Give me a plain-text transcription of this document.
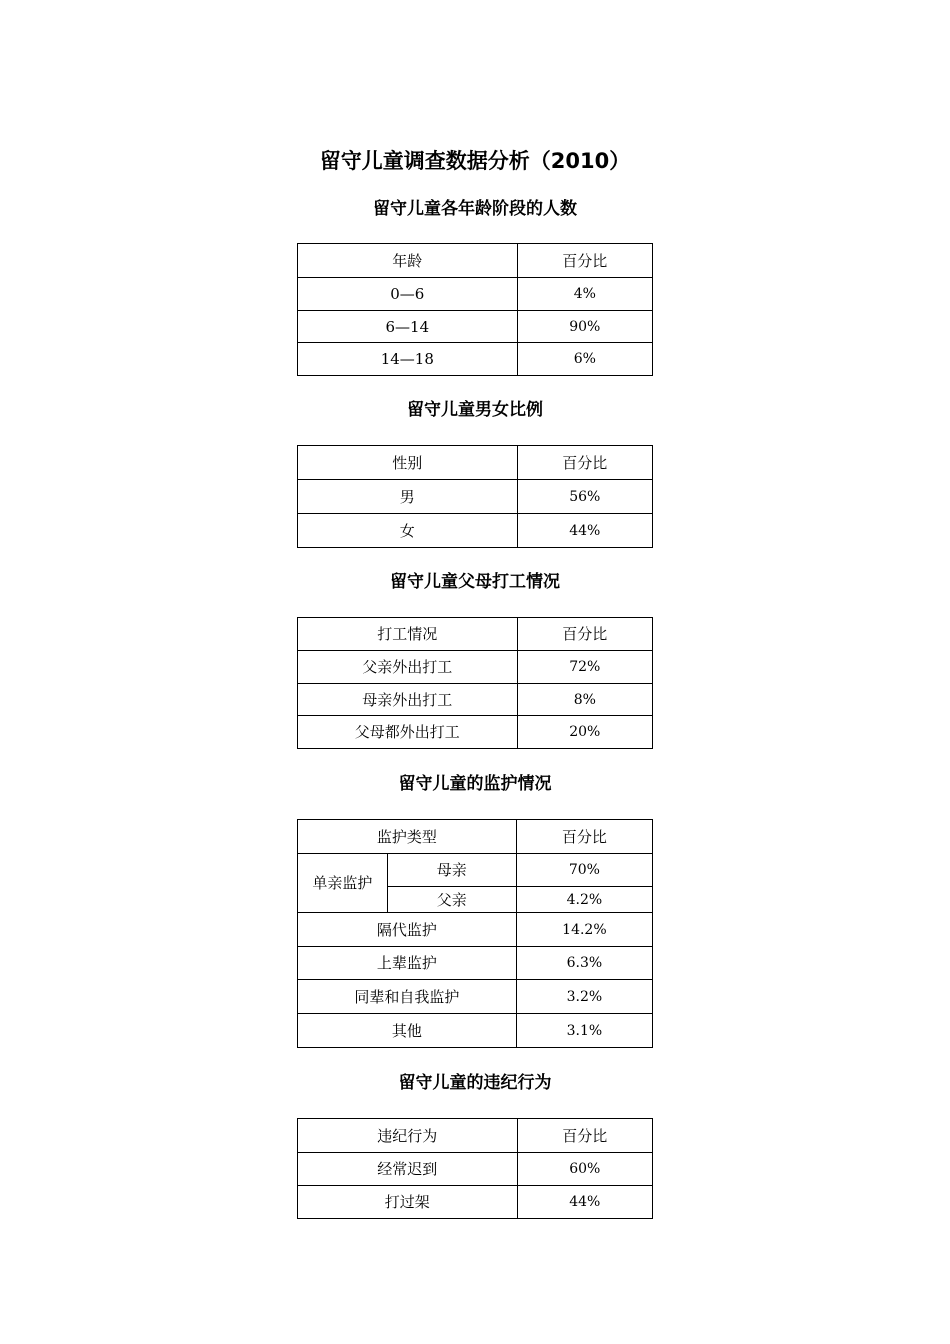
留守儿童调查数据分析（2010）
留守儿童各年龄阶段的人数
年龄	百分比
0—6	4%
6—14	90%
14—18	6%
留守儿童男女比例
性别	百分比
男	56%
女	44%
留守儿童父母打工情况
打工情况	百分比
父亲外出打工	72%
母亲外出打工	8%
父母都外出打工	20%
留守儿童的监护情况
监护类型		百分比
单亲监护	母亲	70%
	父亲	4.2%
隔代监护		14.2%
上辈监护		6.3%
同辈和自我监护		3.2%
其他		3.1%
留守儿童的违纪行为
违纪行为	百分比
经常迟到	60%
打过架	44%
